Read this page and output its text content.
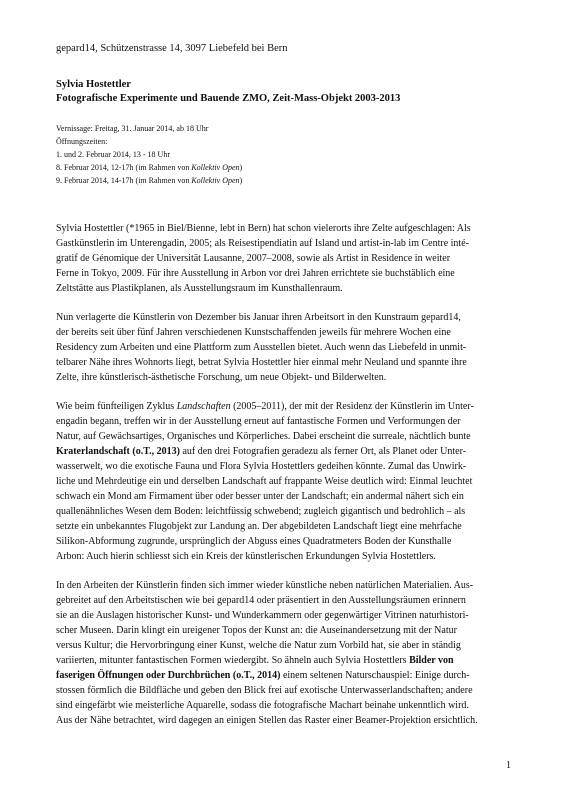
gepard14, Schützenstrasse 14, 3097 Liebefeld bei Bern
Sylvia Hostettler
Fotografische Experimente und Bauende ZMO, Zeit-Mass-Objekt 2003-2013
Vernissage: Freitag, 31. Januar 2014, ab 18 Uhr
Öffnungszeiten:
1. und 2. Februar 2014, 13 - 18 Uhr
8. Februar 2014, 12-17h (im Rahmen von Kollektiv Open)
9. Februar 2014, 14-17h (im Rahmen von Kollektiv Open)

Sylvia Hostettler (*1965 in Biel/Bienne, lebt in Bern) hat schon vielerorts ihre Zelte aufgeschlagen: Als
Gastkünstlerin im Unterengadin, 2005; als Reisestipendiatin auf Island und artist-in-lab im Centre inté-
gratif de Génomique der Universität Lausanne, 2007–2008, sowie als Artist in Residence in weiter
Ferne in Tokyo, 2009. Für ihre Ausstellung in Arbon vor drei Jahren errichtete sie buchstäblich eine
Zeltstätte aus Plastikplanen, als Ausstellungsraum im Kunsthallenraum.

Nun verlagerte die Künstlerin von Dezember bis Januar ihren Arbeitsort in den Kunstraum gepard14,
der bereits seit über fünf Jahren verschiedenen Kunstschaffenden jeweils für mehrere Wochen eine
Residency zum Arbeiten und eine Plattform zum Ausstellen bietet. Auch wenn das Liebefeld in unmit-
telbarer Nähe ihres Wohnorts liegt, betrat Sylvia Hostettler hier einmal mehr Neuland und spannte ihre
Zelte, ihre künstlerisch-ästhetische Forschung, um neue Objekt- und Bilderwelten.

Wie beim fünfteiligen Zyklus Landschaften (2005–2011), der mit der Residenz der Künstlerin im Unter-
engadin begann, treffen wir in der Ausstellung erneut auf fantastische Formen und Verformungen der
Natur, auf Gewächsartiges, Organisches und Körperliches. Dabei erscheint die surreale, nächtlich bunte
Kraterlandschaft (o.T., 2013) auf den drei Fotografien geradezu als ferner Ort, als Planet oder Unter-
wasserwelt, wo die exotische Fauna und Flora Sylvia Hostettlers gedeihen könnte. Zumal das Unwirk-
liche und Mehrdeutige ein und derselben Landschaft auf frappante Weise deutlich wird: Einmal leuchtet
schwach ein Mond am Firmament über oder besser unter der Landschaft; ein andermal nähert sich ein
quallenähnliches Wesen dem Boden: leichtfüssig schwebend; zugleich gigantisch und bedrohlich – als
setzte ein unbekanntes Flugobjekt zur Landung an. Der abgebildeten Landschaft liegt eine mehrfache
Silikon-Abformung zugrunde, ursprünglich der Abguss eines Quadratmeters Boden der Kunsthalle
Arbon: Auch hierin schliesst sich ein Kreis der künstlerischen Erkundungen Sylvia Hostettlers.

In den Arbeiten der Künstlerin finden sich immer wieder künstliche neben natürlichen Materialien. Aus-
gebreitet auf den Arbeitstischen wie bei gepard14 oder präsentiert in den Ausstellungsräumen erinnern
sie an die Auslagen historischer Kunst- und Wunderkammern oder gegenwärtiger Vitrinen naturhistori-
scher Museen. Darin klingt ein ureigener Topos der Kunst an: die Auseinandersetzung mit der Natur
versus Kultur; die Hervorbringung einer Kunst, welche die Natur zum Vorbild hat, sie aber in ständig
variierten, mitunter fantastischen Formen wiedergibt. So ähneln auch Sylvia Hostettlers Bilder von
faserigen Öffnungen oder Durchbrüchen (o.T., 2014) einem seltenen Naturschauspiel: Einige durch-
stossen förmlich die Bildfläche und geben den Blick frei auf exotische Unterwasserlandschaften; andere
sind eingefärbt wie meisterliche Aquarelle, sodass die fotografische Machart beinahe unkenntlich wird.
Aus der Nähe betrachtet, wird dagegen an einigen Stellen das Raster einer Beamer-Projektion ersichtlich.

1
